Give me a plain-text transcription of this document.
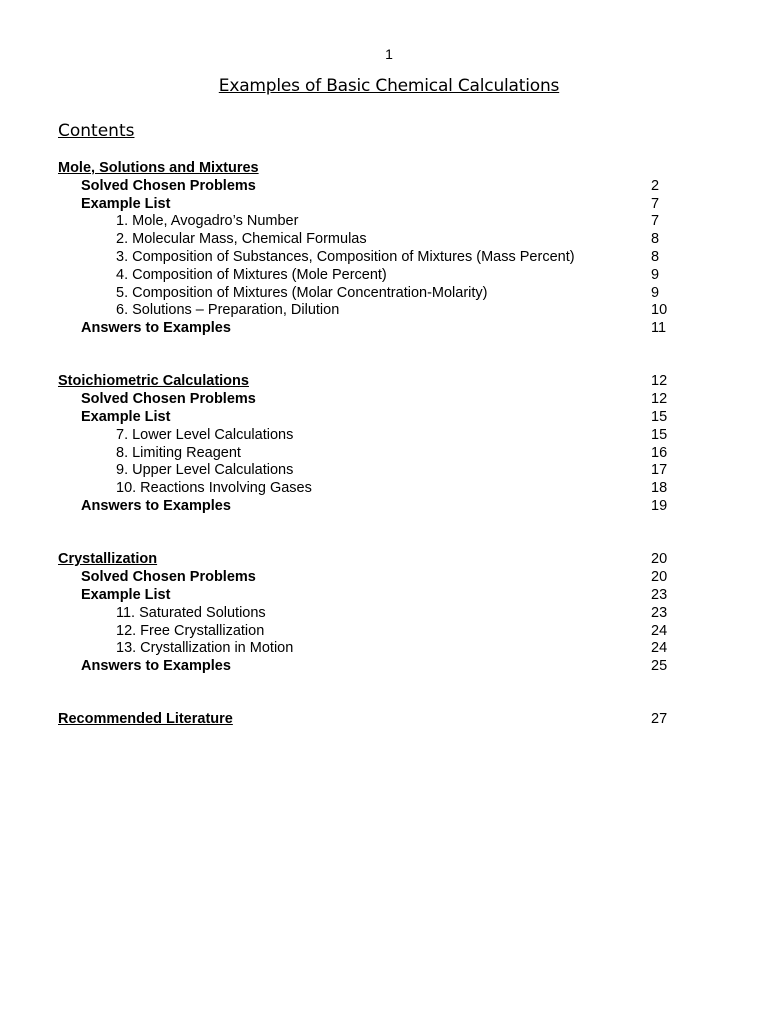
1
Examples of Basic Chemical Calculations
Contents
Mole, Solutions and Mixtures
Solved Chosen Problems	2
Example List	7
1. Mole, Avogadro’s Number	7
2. Molecular Mass, Chemical Formulas	8
3. Composition of Substances, Composition of Mixtures (Mass Percent)	8
4. Composition of Mixtures (Mole Percent)	9
5. Composition of Mixtures (Molar Concentration-Molarity)	9
6. Solutions – Preparation, Dilution	10
Answers to Examples	11
Stoichiometric Calculations	12
Solved Chosen Problems	12
Example List	15
7. Lower Level Calculations	15
8. Limiting Reagent	16
9. Upper Level Calculations	17
10. Reactions Involving Gases	18
Answers to Examples	19
Crystallization	20
Solved Chosen Problems	20
Example List	23
11. Saturated Solutions	23
12. Free Crystallization	24
13. Crystallization in Motion	24
Answers to Examples	25
Recommended Literature	27
